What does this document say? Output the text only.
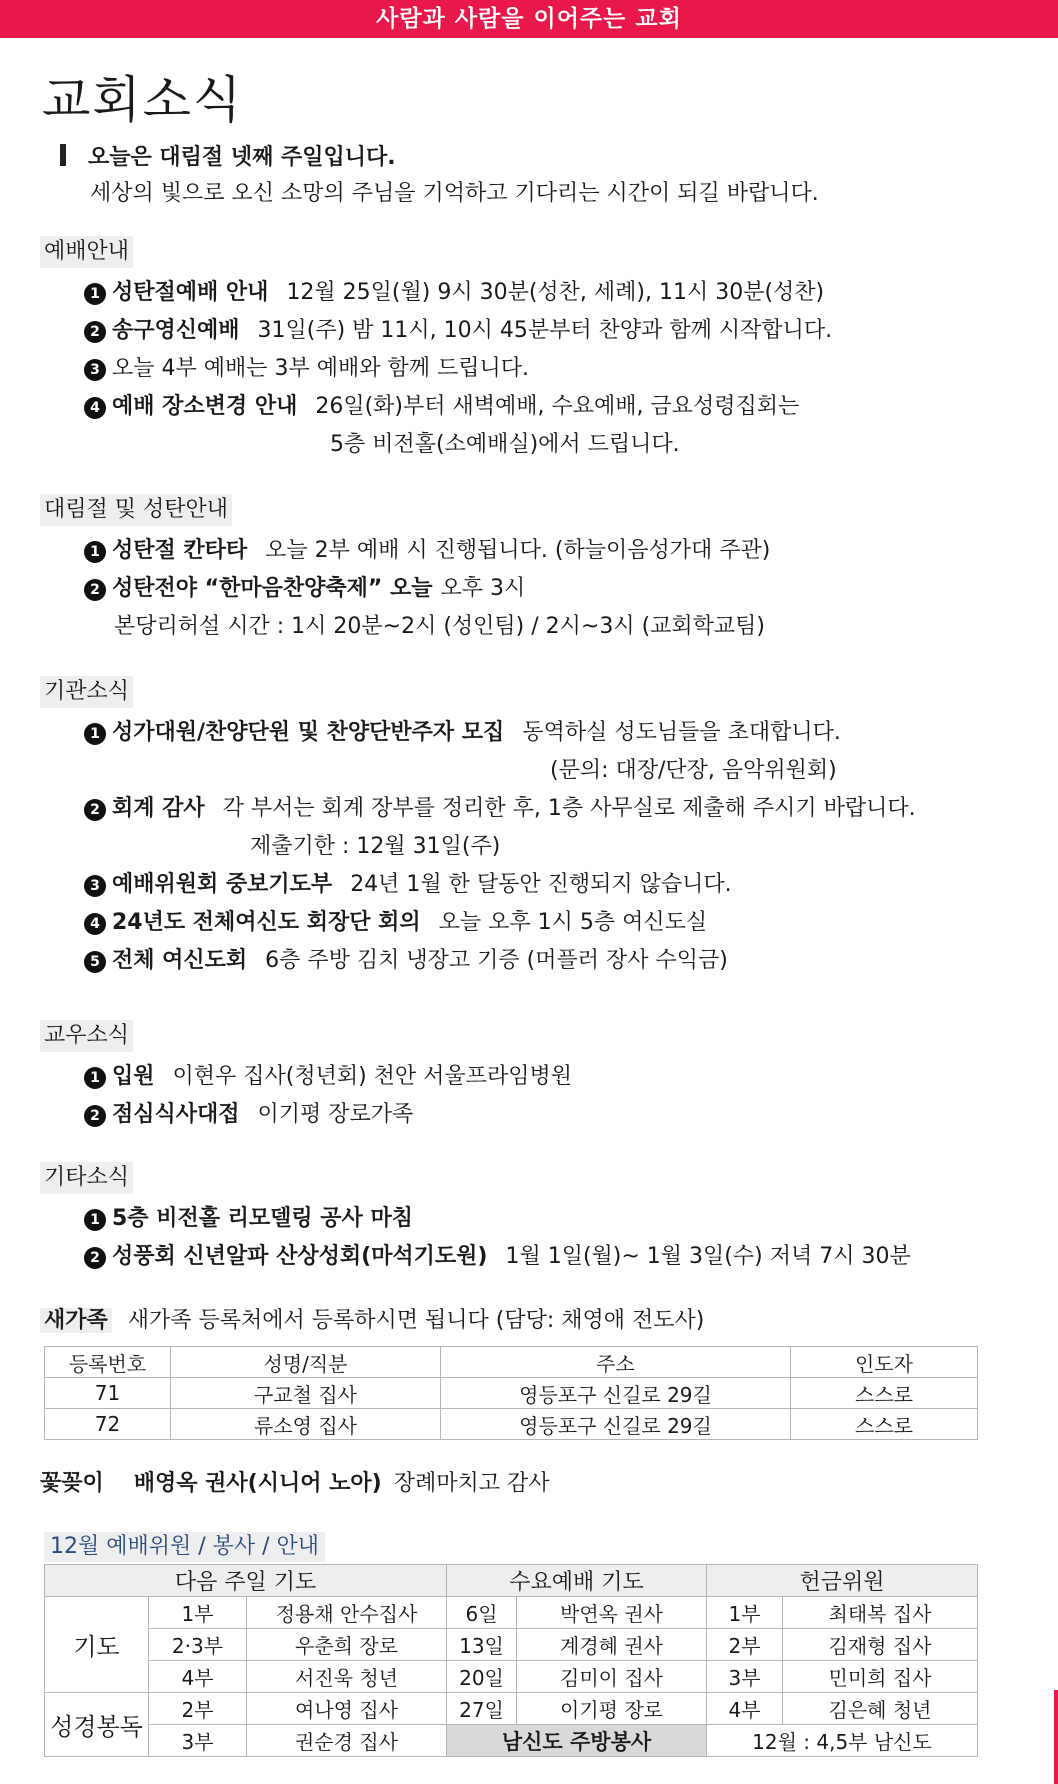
사람과 사람을 이어주는 교회
교회소식
오늘은 대림절 넷째 주일입니다.
세상의 빛으로 오신 소망의 주님을 기억하고 기다리는 시간이 되길 바랍니다.
예배안내
1 성탄절예배 안내 12월 25일(월) 9시 30분(성찬, 세례), 11시 30분(성찬)
2 송구영신예배 31일(주) 밤 11시, 10시 45분부터 찬양과 함께 시작합니다.
3 오늘 4부 예배는 3부 예배와 함께 드립니다.
4 예배 장소변경 안내 26일(화)부터 새벽예배, 수요예배, 금요성령집회는
5층 비전홀(소예배실)에서 드립니다.
대림절 및 성탄안내
1 성탄절 칸타타 오늘 2부 예배 시 진행됩니다. (하늘이음성가대 주관)
2 성탄전야 “한마음찬양축제” 오늘 오후 3시
본당리허설 시간 : 1시 20분~2시 (성인팀) / 2시~3시 (교회학교팀)
기관소식
1 성가대원/찬양단원 및 찬양단반주자 모집 동역하실 성도님들을 초대합니다.
(문의: 대장/단장, 음악위원회)
2 회계 감사 각 부서는 회계 장부를 정리한 후, 1층 사무실로 제출해 주시기 바랍니다.
제출기한 : 12월 31일(주)
3 예배위원회 중보기도부 24년 1월 한 달동안 진행되지 않습니다.
4 24년도 전체여신도 회장단 회의 오늘 오후 1시 5층 여신도실
5 전체 여신도회 6층 주방 김치 냉장고 기증 (머플러 장사 수익금)
교우소식
1 입원 이현우 집사(청년회) 천안 서울프라임병원
2 점심식사대접 이기평 장로가족
기타소식
1 5층 비전홀 리모델링 공사 마침
2 성풍회 신년알파 산상성회(마석기도원) 1월 1일(월)~ 1월 3일(수) 저녁 7시 30분
새가족 새가족 등록처에서 등록하시면 됩니다 (담당: 채영애 전도사)
등록번호	성명/직분	주소	인도자
71	구교철 집사	영등포구 신길로 29길	스스로
72	류소영 집사	영등포구 신길로 29길	스스로
꽃꽂이 배영옥 권사(시니어 노아) 장례마치고 감사
12월 예배위원 / 봉사 / 안내
다음 주일 기도			수요예배 기도		헌금위원	
기도	1부	정용채 안수집사	6일	박연옥 권사	1부	최태복 집사
	2·3부	우춘희 장로	13일	계경혜 권사	2부	김재형 집사
	4부	서진욱 청년	20일	김미이 집사	3부	민미희 집사
성경봉독	2부	여나영 집사	27일	이기평 장로	4부	김은혜 청년
	3부	권순경 집사	남신도 주방봉사		12월 : 4,5부 남신도	
